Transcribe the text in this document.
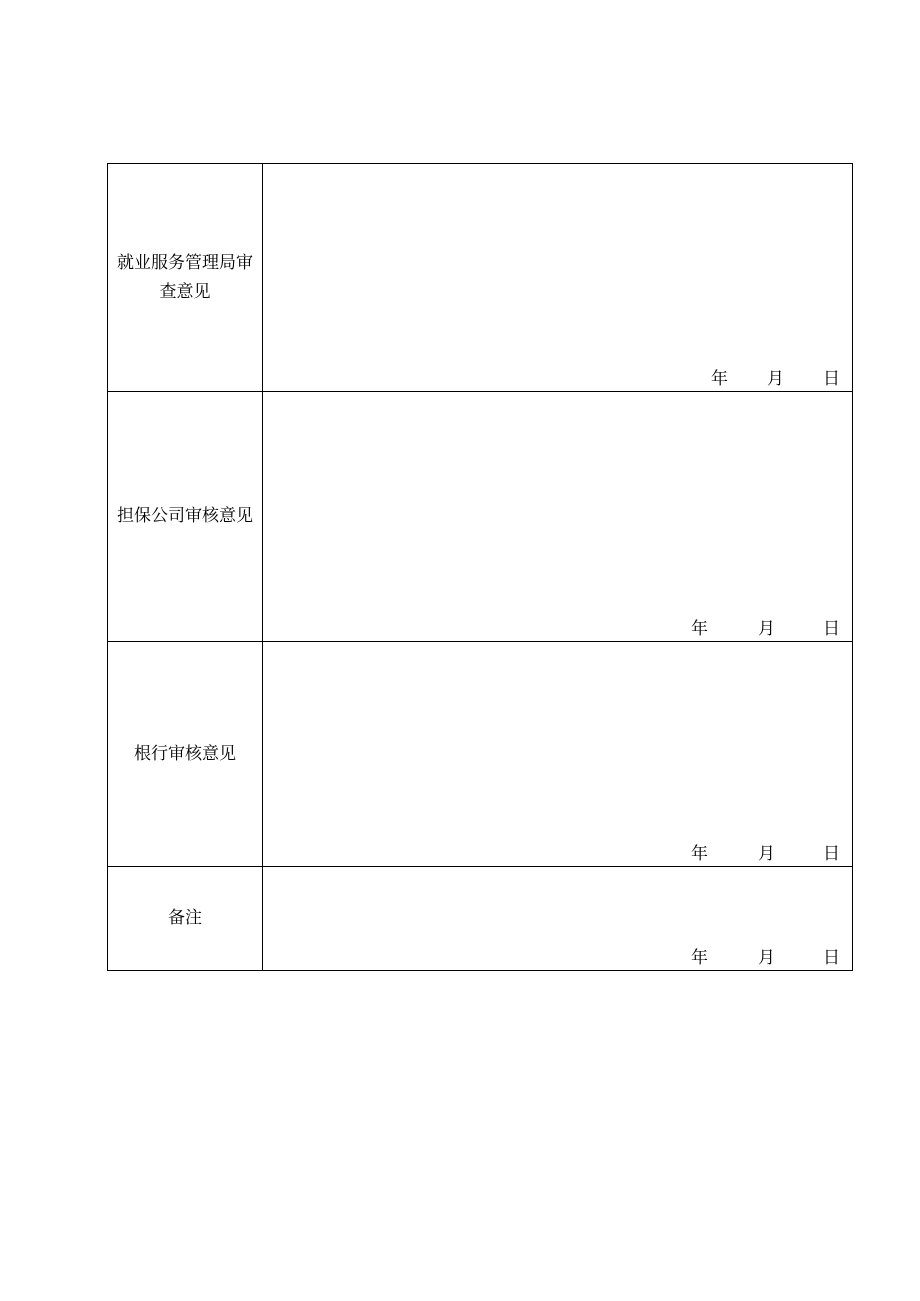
就业服务管理局审查意见	年 月 日

担保公司审核意见	年 月 日

根行审核意见	年 月 日

备注	年 月 日
